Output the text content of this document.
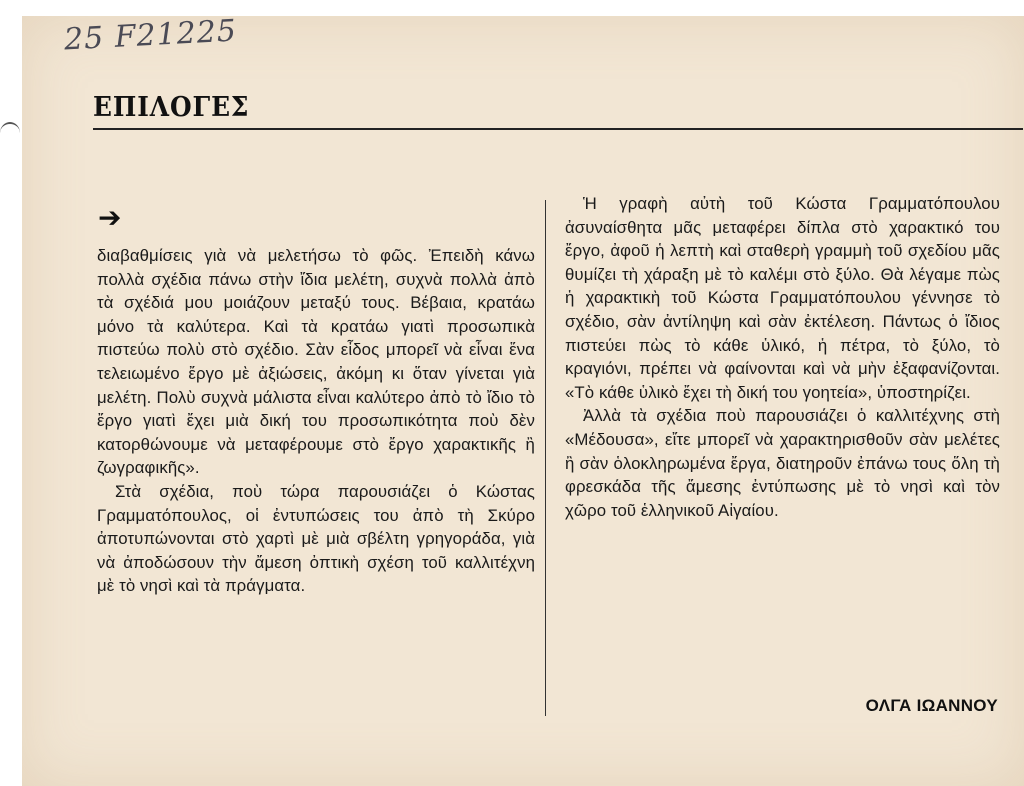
25 F21225
ΕΠΙΛΟΓΕΣ
➔

διαβαθμίσεις γιὰ νὰ μελετήσω τὸ φῶς. Ἐπειδὴ κάνω πολλὰ σχέδια πάνω στὴν ἴδια μελέτη, συχνὰ πολλὰ ἀπὸ τὰ σχέδιά μου μοιάζουν μεταξύ τους. Βέβαια, κρατάω μόνο τὰ καλύτερα. Καὶ τὰ κρατάω γιατὶ προσωπικὰ πιστεύω πολὺ στὸ σχέδιο. Σὰν εἶδος μπορεῖ νὰ εἶναι ἕνα τελειωμένο ἔργο μὲ ἀξιώσεις, ἀκόμη κι ὅταν γίνεται γιὰ μελέτη. Πολὺ συχνὰ μάλιστα εἶναι καλύτερο ἀπὸ τὸ ἴδιο τὸ ἔργο γιατὶ ἔχει μιὰ δική του προσωπικότητα ποὺ δὲν κατορθώνουμε νὰ μεταφέρουμε στὸ ἔργο χαρακτικῆς ἢ ζωγραφικῆς».

Στὰ σχέδια, ποὺ τώρα παρουσιάζει ὁ Κώστας Γραμματόπουλος, οἱ ἐντυπώσεις του ἀπὸ τὴ Σκύρο ἀποτυπώνονται στὸ χαρτὶ μὲ μιὰ σβέλτη γρηγοράδα, γιὰ νὰ ἀποδώσουν τὴν ἄμεση ὀπτικὴ σχέση τοῦ καλλιτέχνη μὲ τὸ νησὶ καὶ τὰ πράγματα.

Ἡ γραφὴ αὐτὴ τοῦ Κώστα Γραμματόπουλου ἀσυναίσθητα μᾶς μεταφέρει δίπλα στὸ χαρακτικό του ἔργο, ἀφοῦ ἡ λεπτὴ καὶ σταθερὴ γραμμὴ τοῦ σχεδίου μᾶς θυμίζει τὴ χάραξη μὲ τὸ καλέμι στὸ ξύλο. Θὰ λέγαμε πὼς ἡ χαρακτικὴ τοῦ Κώστα Γραμματόπουλου γέννησε τὸ σχέδιο, σὰν ἀντίληψη καὶ σὰν ἐκτέλεση. Πάντως ὁ ἴδιος πιστεύει πὼς τὸ κάθε ὑλικό, ἡ πέτρα, τὸ ξύλο, τὸ κραγιόνι, πρέπει νὰ φαίνονται καὶ νὰ μὴν ἐξαφανίζονται. «Τὸ κάθε ὑλικὸ ἔχει τὴ δική του γοητεία», ὑποστηρίζει.

Ἀλλὰ τὰ σχέδια ποὺ παρουσιάζει ὁ καλλιτέχνης στὴ «Μέδουσα», εἴτε μπορεῖ νὰ χαρακτηρισθοῦν σὰν μελέτες ἢ σὰν ὁλοκληρωμένα ἔργα, διατηροῦν ἐπάνω τους ὅλη τὴ φρεσκάδα τῆς ἄμεσης ἐντύπωσης μὲ τὸ νησὶ καὶ τὸν χῶρο τοῦ ἑλληνικοῦ Αἰγαίου.

ΟΛΓΑ ΙΩΑΝΝΟΥ
